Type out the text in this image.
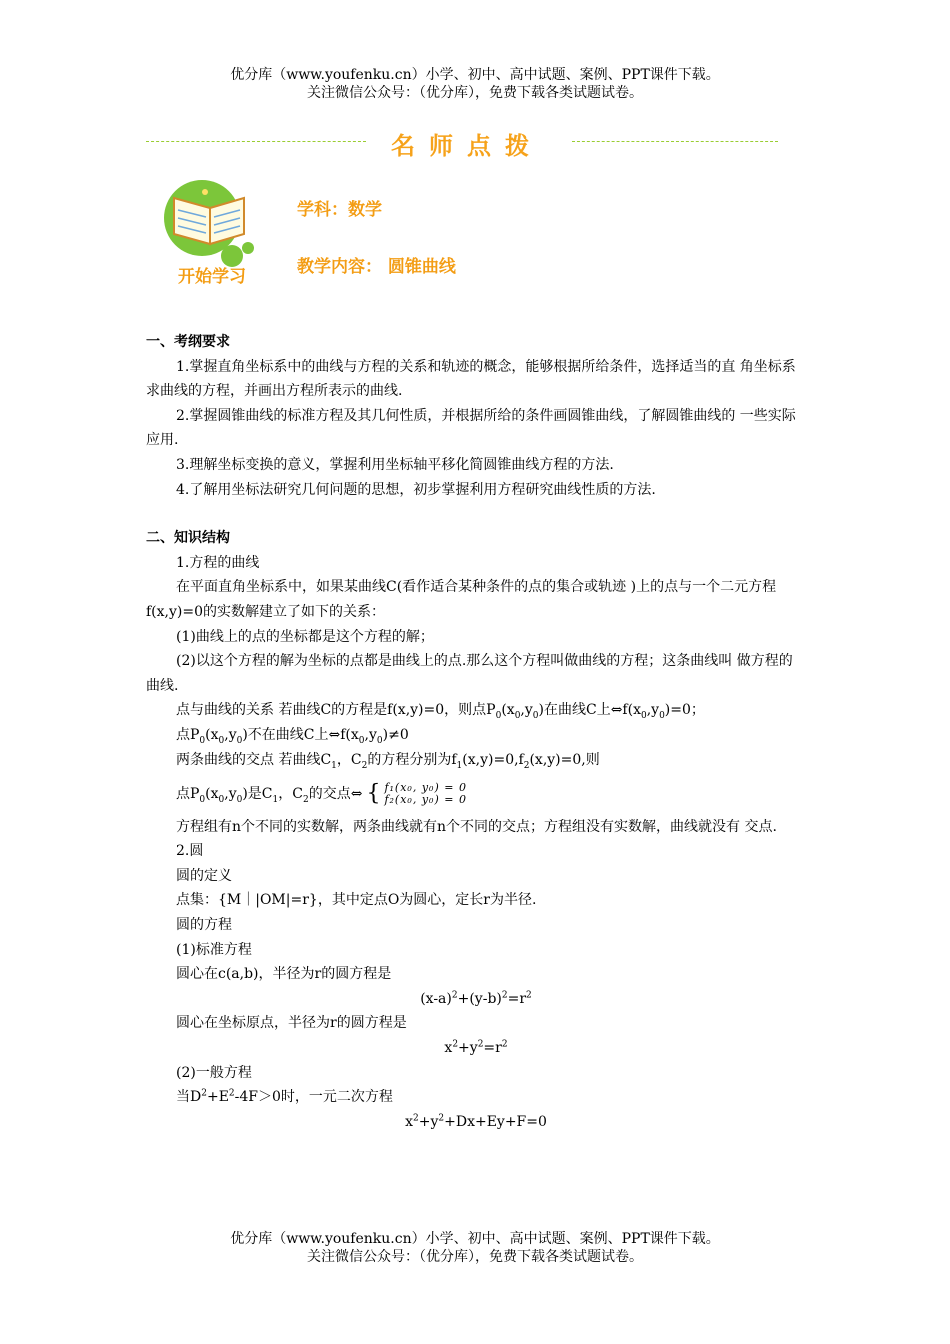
优分库（www.youfenku.cn）小学、初中、高中试题、案例、PPT课件下载。
关注微信公众号：（优分库），免费下载各类试题试卷。
名师点拨
开始学习
学科：数学
教学内容： 圆锥曲线

一、考纲要求

1.掌握直角坐标系中的曲线与方程的关系和轨迹的概念，能够根据所给条件，选择适当的直 角坐标系求曲线的方程，并画出方程所表示的曲线.

2.掌握圆锥曲线的标准方程及其几何性质，并根据所给的条件画圆锥曲线，了解圆锥曲线的 一些实际应用.

3.理解坐标变换的意义，掌握利用坐标轴平移化简圆锥曲线方程的方法.

4.了解用坐标法研究几何问题的思想，初步掌握利用方程研究曲线性质的方法.

二、知识结构

1.方程的曲线

在平面直角坐标系中，如果某曲线C(看作适合某种条件的点的集合或轨迹 )上的点与一个二元方程f(x,y)=0的实数解建立了如下的关系：

(1)曲线上的点的坐标都是这个方程的解；

(2)以这个方程的解为坐标的点都是曲线上的点.那么这个方程叫做曲线的方程；这条曲线叫 做方程的曲线.

点与曲线的关系 若曲线C的方程是f(x,y)=0，则点$P_0(x_0,y_0)$在曲线C上$\Leftrightarrow f(x_0,y_0)=0$；

点$P_0(x_0,y_0)$不在曲线C上$\Leftrightarrow f(x_0,y_0)\ne 0$

两条曲线的交点 若曲线$C_1$，$C_2$的方程分别为$f_1(x,y)=0,f_2(x,y)=0$,则

点$P_0(x_0,y_0)$是$C_1$，$C_2$的交点⇔ { f₁(x₀, y₀) = 0
f₂(x₀, y₀) = 0

方程组有n个不同的实数解，两条曲线就有n个不同的交点；方程组没有实数解，曲线就没有 交点.

2.圆

圆的定义

点集：{M｜|OM|=r}，其中定点O为圆心，定长r为半径.

圆的方程

(1)标准方程

圆心在c(a,b)，半径为r的圆方程是

$(x-a)^2+(y-b)^2=r^2$

圆心在坐标原点，半径为r的圆方程是

$x^2+y^2=r^2$

(2)一般方程

当$D^2+E^2-4F>0$时，一元二次方程

$x^2+y^2+Dx+Ey+F=0$

优分库（www.youfenku.cn）小学、初中、高中试题、案例、PPT课件下载。
关注微信公众号：（优分库），免费下载各类试题试卷。
